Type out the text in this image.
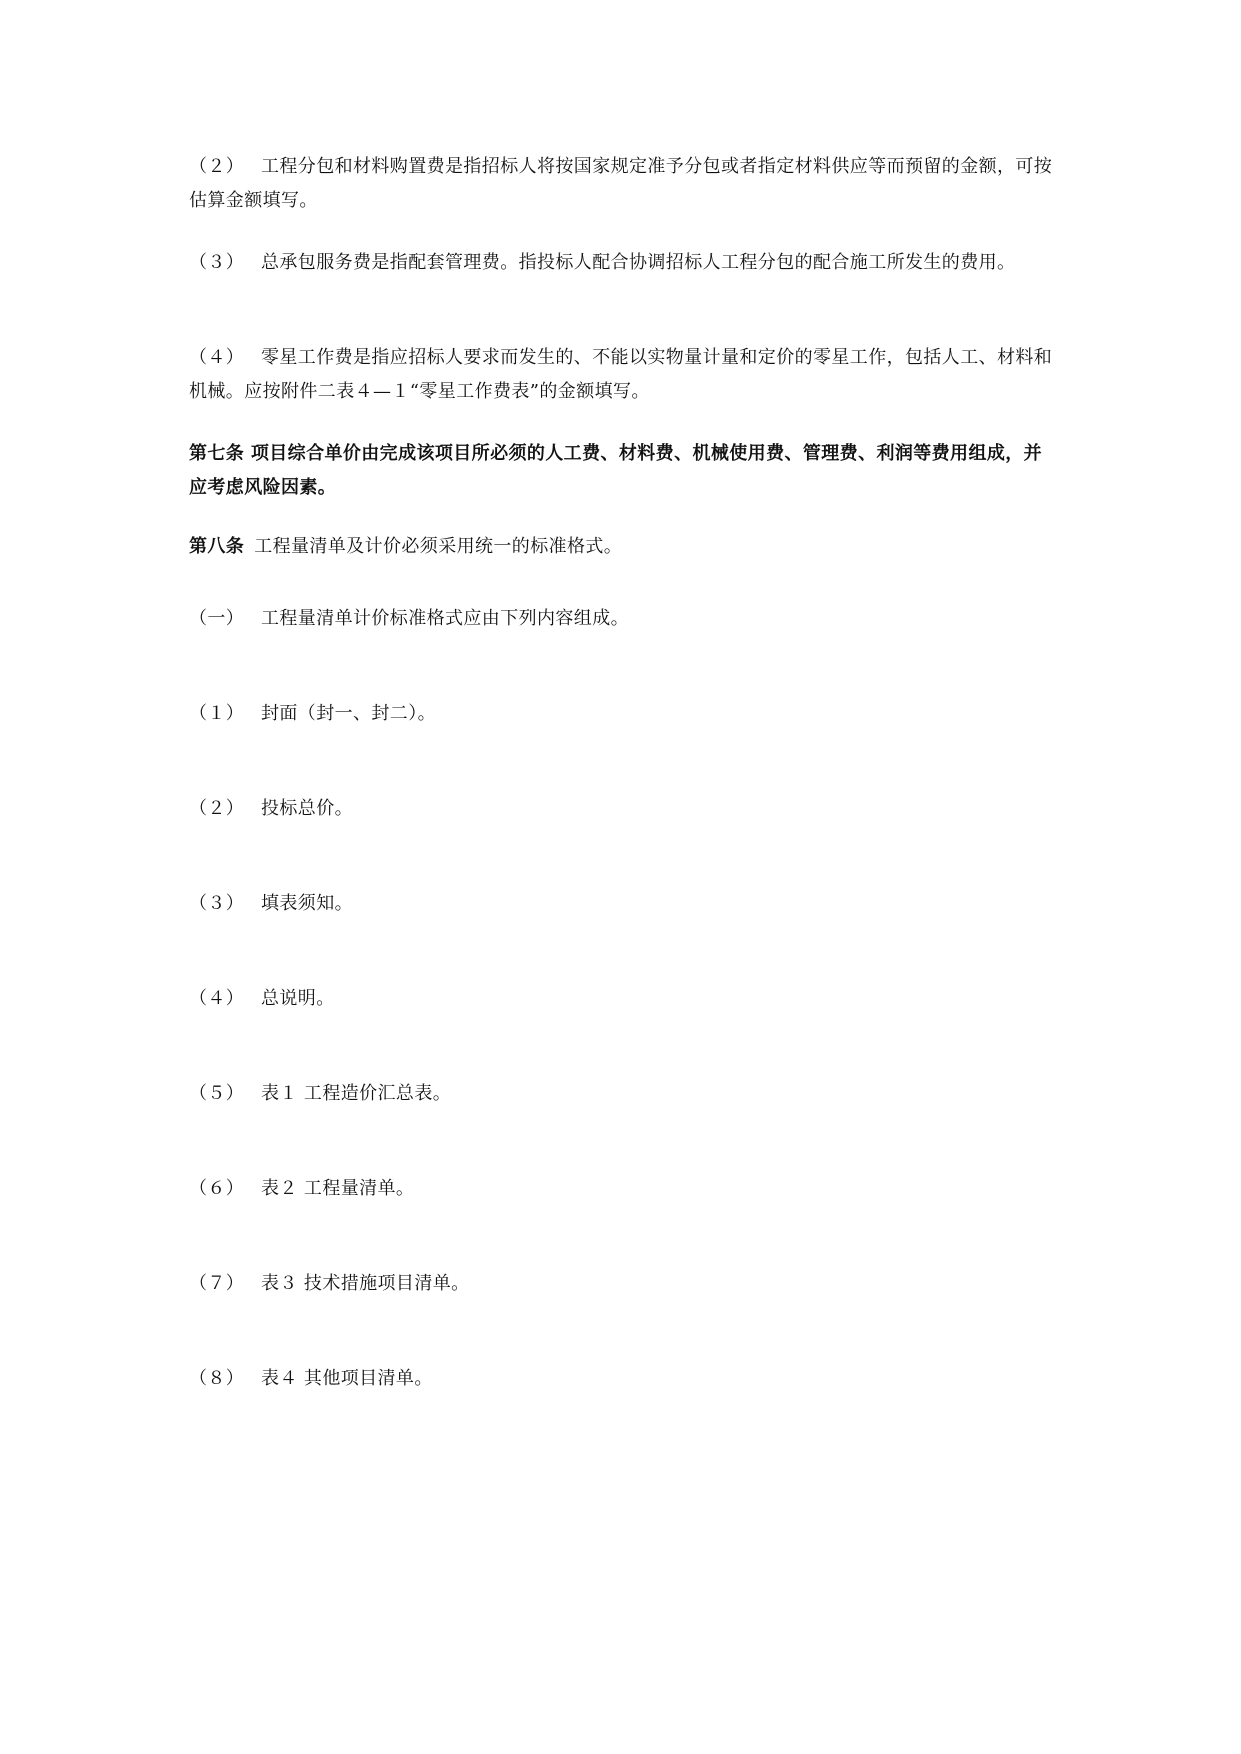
（２） 工程分包和材料购置费是指招标人将按国家规定准予分包或者指定材料供应等而预留的金额，可按估算金额填写。

（３） 总承包服务费是指配套管理费。指投标人配合协调招标人工程分包的配合施工所发生的费用。

（４） 零星工作费是指应招标人要求而发生的、不能以实物量计量和定价的零星工作，包括人工、材料和机械。应按附件二表４—１“零星工作费表”的金额填写。

第七条 项目综合单价由完成该项目所必须的人工费、材料费、机械使用费、管理费、利润等费用组成，并应考虑风险因素。

第八条 工程量清单及计价必须采用统一的标准格式。

（一） 工程量清单计价标准格式应由下列内容组成。

（１） 封面（封一、封二）。

（２） 投标总价。

（３） 填表须知。

（４） 总说明。

（５） 表１ 工程造价汇总表。

（６） 表２ 工程量清单。

（７） 表３ 技术措施项目清单。

（８） 表４ 其他项目清单。
